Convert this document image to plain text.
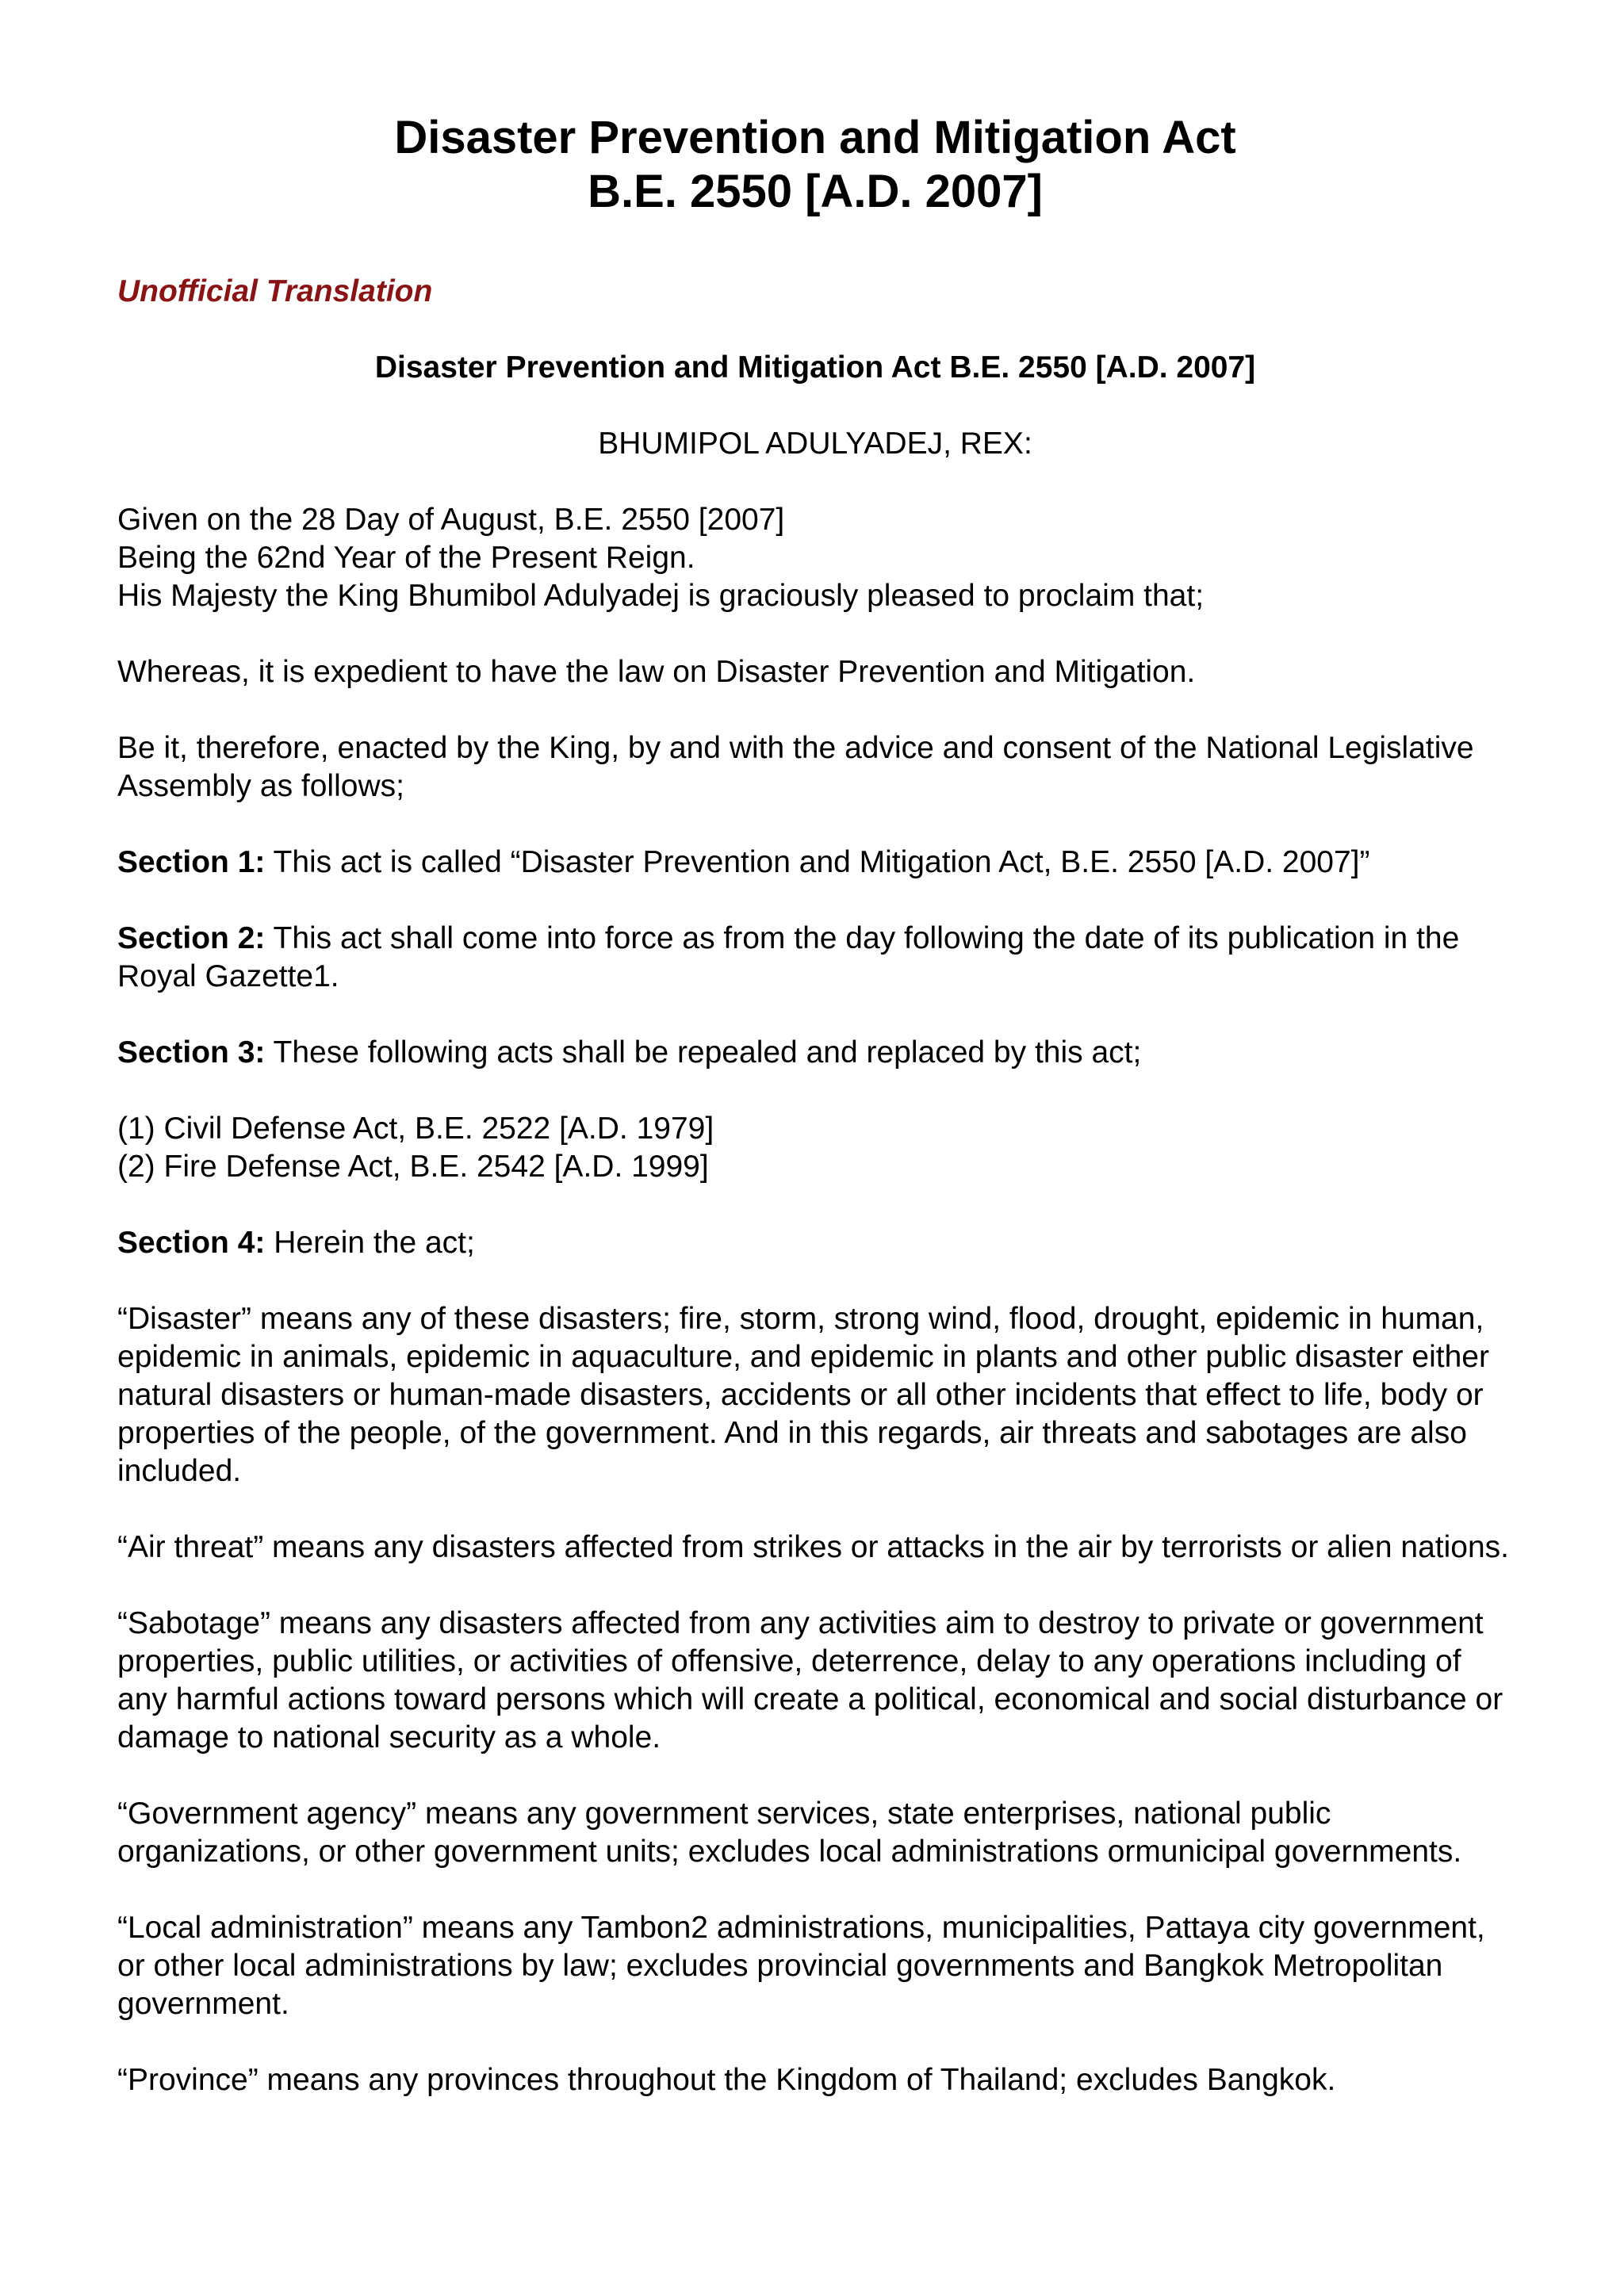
Disaster Prevention and Mitigation Act
B.E. 2550 [A.D. 2007]
Unofficial Translation
Disaster Prevention and Mitigation Act B.E. 2550 [A.D. 2007]
BHUMIPOL ADULYADEJ, REX:

Given on the 28 Day of August, B.E. 2550 [2007]
Being the 62nd Year of the Present Reign.
His Majesty the King Bhumibol Adulyadej is graciously pleased to proclaim that;

Whereas, it is expedient to have the law on Disaster Prevention and Mitigation.

Be it, therefore, enacted by the King, by and with the advice and consent of the National Legislative Assembly as follows;

Section 1: This act is called “Disaster Prevention and Mitigation Act, B.E. 2550 [A.D. 2007]”

Section 2: This act shall come into force as from the day following the date of its publication in the Royal Gazette1.

Section 3: These following acts shall be repealed and replaced by this act;

(1) Civil Defense Act, B.E. 2522 [A.D. 1979]
(2) Fire Defense Act, B.E. 2542 [A.D. 1999]

Section 4: Herein the act;

“Disaster” means any of these disasters; fire, storm, strong wind, flood, drought, epidemic in human, epidemic in animals, epidemic in aquaculture, and epidemic in plants and other public disaster either natural disasters or human-made disasters, accidents or all other incidents that effect to life, body or properties of the people, of the government. And in this regards, air threats and sabotages are also included.

“Air threat” means any disasters affected from strikes or attacks in the air by terrorists or alien nations.

“Sabotage” means any disasters affected from any activities aim to destroy to private or government properties, public utilities, or activities of offensive, deterrence, delay to any operations including of any harmful actions toward persons which will create a political, economical and social disturbance or damage to national security as a whole.

“Government agency” means any government services, state enterprises, national public organizations, or other government units; excludes local administrations ormunicipal governments.

“Local administration” means any Tambon2 administrations, municipalities, Pattaya city government, or other local administrations by law; excludes provincial governments and Bangkok Metropolitan government.

“Province” means any provinces throughout the Kingdom of Thailand; excludes Bangkok.
